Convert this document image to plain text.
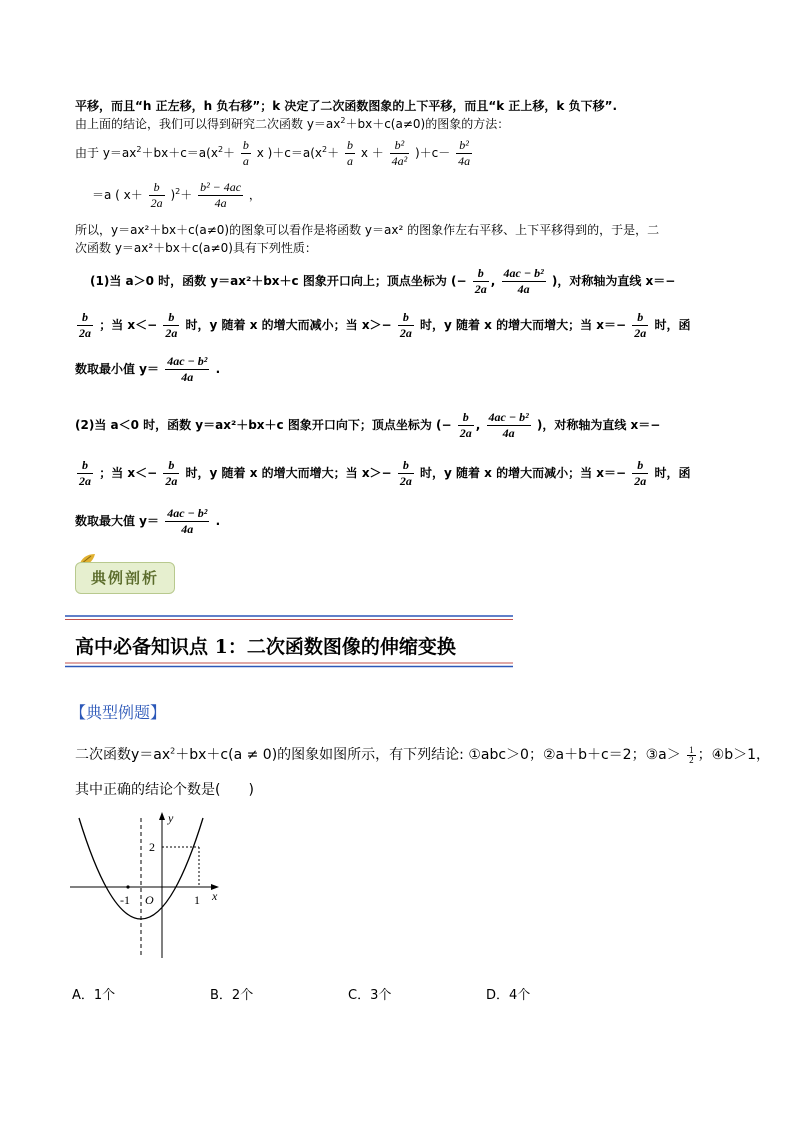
平移，而且“h 正左移，h 负右移”；k 决定了二次函数图象的上下平移，而且“k 正上移，k 负下移”.
由上面的结论，我们可以得到研究二次函数 $y=ax^2+bx+c(a\ne 0)$的图象的方法：
由于 $y=ax^2+bx+c=a(x^2+ \frac{b}{a}$ x )$+c=a(x^2+ \frac{b}{a}$ $x + \frac{\text{b²}}{\text{4a²}} )+c- \frac{\text{b²}}{4a}$
＝a ( $x+ \frac{b}{2a} )^2+ \frac{\text{b² − 4ac}}{4a}$ ，
所以，y＝ax²＋bx＋c(a≠0)的图象可以看作是将函数 y＝ax² 的图象作左右平移、上下平移得到的，于是，二
次函数 y＝ax²＋bx＋c(a≠0)具有下列性质：
(1)当 a＞0 时，函数 y＝ax²＋bx＋c 图象开口向上；顶点坐标为 (− $\frac{b}{2a}$ , $\frac{\text{4ac − b²}}{4a}$ )，对称轴为直线 x＝−
$\frac{b}{2a}$ ；当 $x<- \frac{b}{2a}$ 时，y 随着 x 的增大而减小；当 $x>- \frac{b}{2a}$ 时，y 随着 x 的增大而增大；当 $x=- \frac{b}{2a}$ 时，函
数取最小值 $y= \frac{\text{4ac − b²}}{4a}$ .
(2)当 a＜0 时，函数 y＝ax²＋bx＋c 图象开口向下；顶点坐标为 (− $\frac{b}{2a}$ , $\frac{\text{4ac − b²}}{4a}$ )，对称轴为直线 x＝−
$\frac{b}{2a}$ ；当 $x<- \frac{b}{2a}$ 时，y 随着 x 的增大而增大；当 $x>- \frac{b}{2a}$ 时，y 随着 x 的增大而减小；当 $x=- \frac{b}{2a}$ 时，函
数取最大值 $y= \frac{\text{4ac − b²}}{4a}$ .
典例剖析
高中必备知识点 1：二次函数图像的伸缩变换
【典型例题】
二次函数$y=ax^2+bx+c(a \ne 0)$的图象如图所示，有下列结论: ①abc＞0；②a＋b＋c＝2；③a＞ $\frac{1}{2}$ ；④b＞1，
其中正确的结论个数是(　　)
y
x
O
-1	1
2
A．1个	B．2个	C．3个	D．4个
